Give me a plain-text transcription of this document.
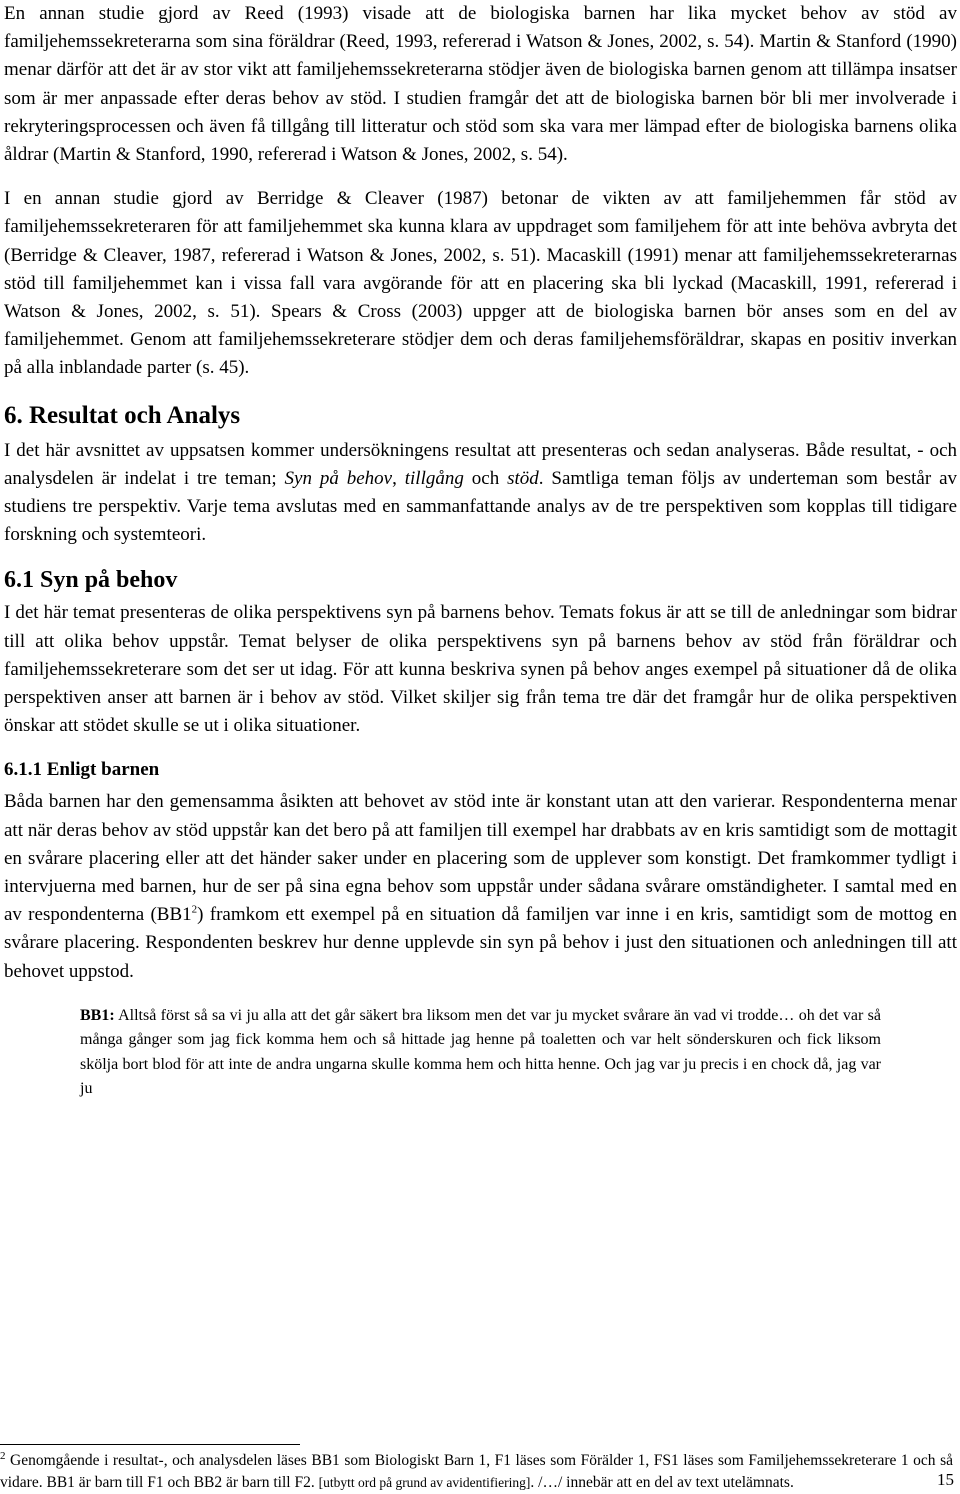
En annan studie gjord av Reed (1993) visade att de biologiska barnen har lika mycket behov av stöd av familjehemssekreterarna som sina föräldrar (Reed, 1993, refererad i Watson & Jones, 2002, s. 54). Martin & Stanford (1990) menar därför att det är av stor vikt att familjehemssekreterarna stödjer även de biologiska barnen genom att tillämpa insatser som är mer anpassade efter deras behov av stöd. I studien framgår det att de biologiska barnen bör bli mer involverade i rekryteringsprocessen och även få tillgång till litteratur och stöd som ska vara mer lämpad efter de biologiska barnens olika åldrar (Martin & Stanford, 1990, refererad i Watson & Jones, 2002, s. 54).

I en annan studie gjord av Berridge & Cleaver (1987) betonar de vikten av att familjehemmen får stöd av familjehemssekreteraren för att familjehemmet ska kunna klara av uppdraget som familjehem för att inte behöva avbryta det (Berridge & Cleaver, 1987, refererad i Watson & Jones, 2002, s. 51). Macaskill (1991) menar att familjehemssekreterarnas stöd till familjehemmet kan i vissa fall vara avgörande för att en placering ska bli lyckad (Macaskill, 1991, refererad i Watson & Jones, 2002, s. 51). Spears & Cross (2003) uppger att de biologiska barnen bör anses som en del av familjehemmet. Genom att familjehemssekreterare stödjer dem och deras familjehemsföräldrar, skapas en positiv inverkan på alla inblandade parter (s. 45).

6. Resultat och Analys

I det här avsnittet av uppsatsen kommer undersökningens resultat att presenteras och sedan analyseras. Både resultat, - och analysdelen är indelat i tre teman; Syn på behov, tillgång och stöd. Samtliga teman följs av underteman som består av studiens tre perspektiv. Varje tema avslutas med en sammanfattande analys av de tre perspektiven som kopplas till tidigare forskning och systemteori.

6.1 Syn på behov

I det här temat presenteras de olika perspektivens syn på barnens behov. Temats fokus är att se till de anledningar som bidrar till att olika behov uppstår. Temat belyser de olika perspektivens syn på barnens behov av stöd från föräldrar och familjehemssekreterare som det ser ut idag. För att kunna beskriva synen på behov anges exempel på situationer då de olika perspektiven anser att barnen är i behov av stöd. Vilket skiljer sig från tema tre där det framgår hur de olika perspektiven önskar att stödet skulle se ut i olika situationer.

6.1.1 Enligt barnen

Båda barnen har den gemensamma åsikten att behovet av stöd inte är konstant utan att den varierar. Respondenterna menar att när deras behov av stöd uppstår kan det bero på att familjen till exempel har drabbats av en kris samtidigt som de mottagit en svårare placering eller att det händer saker under en placering som de upplever som konstigt. Det framkommer tydligt i intervjuerna med barnen, hur de ser på sina egna behov som uppstår under sådana svårare omständigheter. I samtal med en av respondenterna $(BB1^2)$ framkom ett exempel på en situation då familjen var inne i en kris, samtidigt som de mottog en svårare placering. Respondenten beskrev hur denne upplevde sin syn på behov i just den situationen och anledningen till att behovet uppstod.

BB1: Alltså först så sa vi ju alla att det går säkert bra liksom men det var ju mycket svårare än vad vi trodde… oh det var så många gånger som jag fick komma hem och så hittade jag henne på toaletten och var helt sönderskuren och fick liksom skölja bort blod för att inte de andra ungarna skulle komma hem och hitta henne. Och jag var ju precis i en chock då, jag var ju

$^2$ Genomgående i resultat-, och analysdelen läses BB1 som Biologiskt Barn 1, F1 läses som Förälder 1, FS1 läses som Familjehemssekreterare 1 och så vidare. BB1 är barn till F1 och BB2 är barn till F2. [utbytt ord på grund av avidentifiering]. /…/ innebär att en del av text utelämnats.	15
